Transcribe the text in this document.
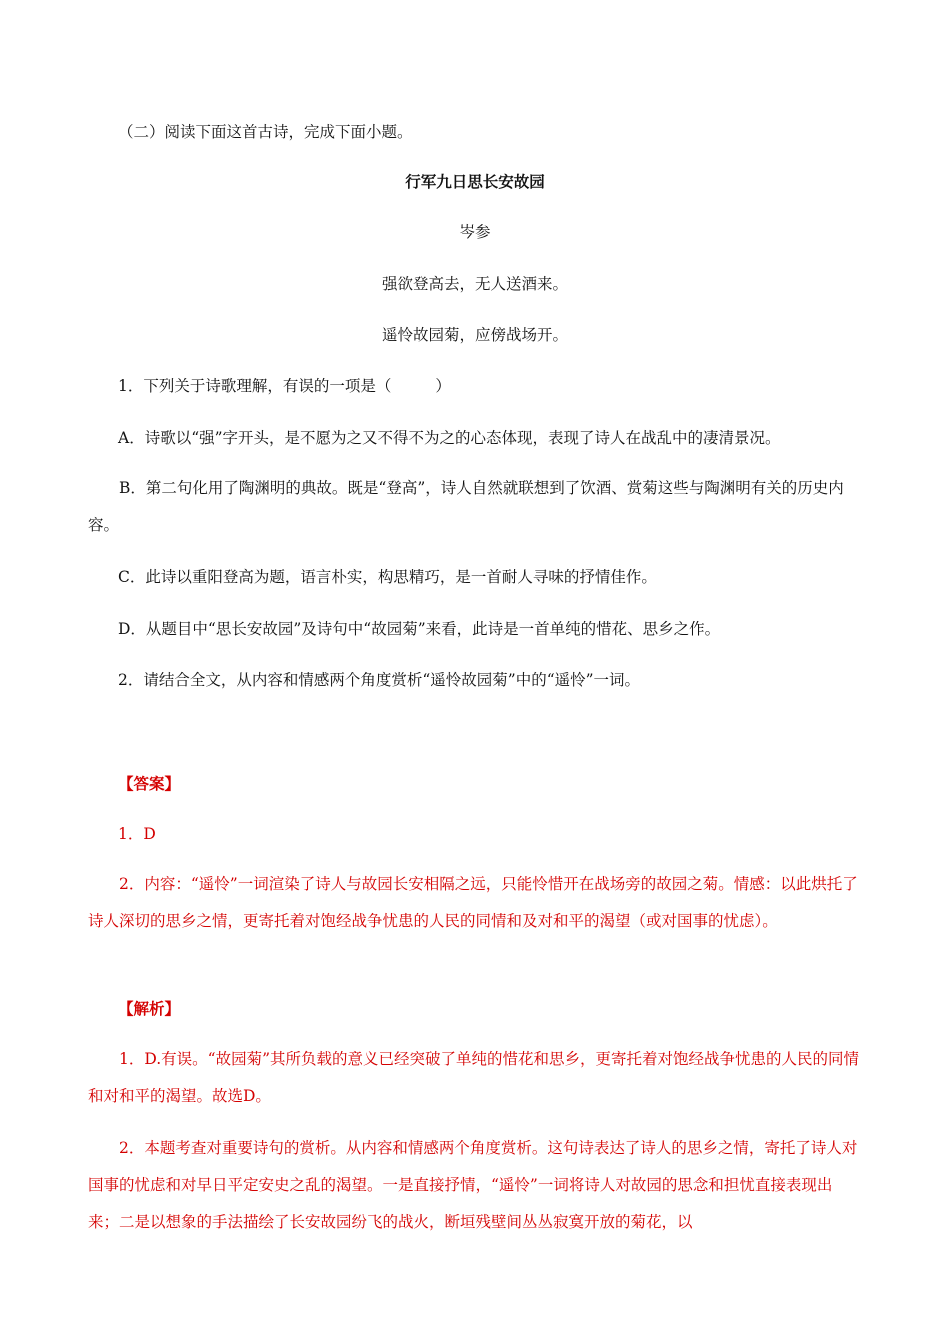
（二）阅读下面这首古诗，完成下面小题。
行军九日思长安故园
岑参
强欲登高去，无人送酒来。
遥怜故园菊，应傍战场开。
1．下列关于诗歌理解，有误的一项是（	）
A．诗歌以“强”字开头，是不愿为之又不得不为之的心态体现，表现了诗人在战乱中的凄清景况。
B．第二句化用了陶渊明的典故。既是“登高”，诗人自然就联想到了饮酒、赏菊这些与陶渊明有关的历史内容。
C．此诗以重阳登高为题，语言朴实，构思精巧，是一首耐人寻味的抒情佳作。
D．从题目中“思长安故园”及诗句中“故园菊”来看，此诗是一首单纯的惜花、思乡之作。
2．请结合全文，从内容和情感两个角度赏析“遥怜故园菊”中的“遥怜”一词。
【答案】
1．D
2．内容：“遥怜”一词渲染了诗人与故园长安相隔之远，只能怜惜开在战场旁的故园之菊。情感：以此烘托了诗人深切的思乡之情，更寄托着对饱经战争忧患的人民的同情和及对和平的渴望（或对国事的忧虑）。
【解析】
1．D.有误。“故园菊”其所负载的意义已经突破了单纯的惜花和思乡，更寄托着对饱经战争忧患的人民的同情和对和平的渴望。故选D。
2．本题考查对重要诗句的赏析。从内容和情感两个角度赏析。这句诗表达了诗人的思乡之情，寄托了诗人对国事的忧虑和对早日平定安史之乱的渴望。一是直接抒情，“遥怜”一词将诗人对故园的思念和担忧直接表现出来；二是以想象的手法描绘了长安故园纷飞的战火，断垣残壁间丛丛寂寞开放的菊花，以
